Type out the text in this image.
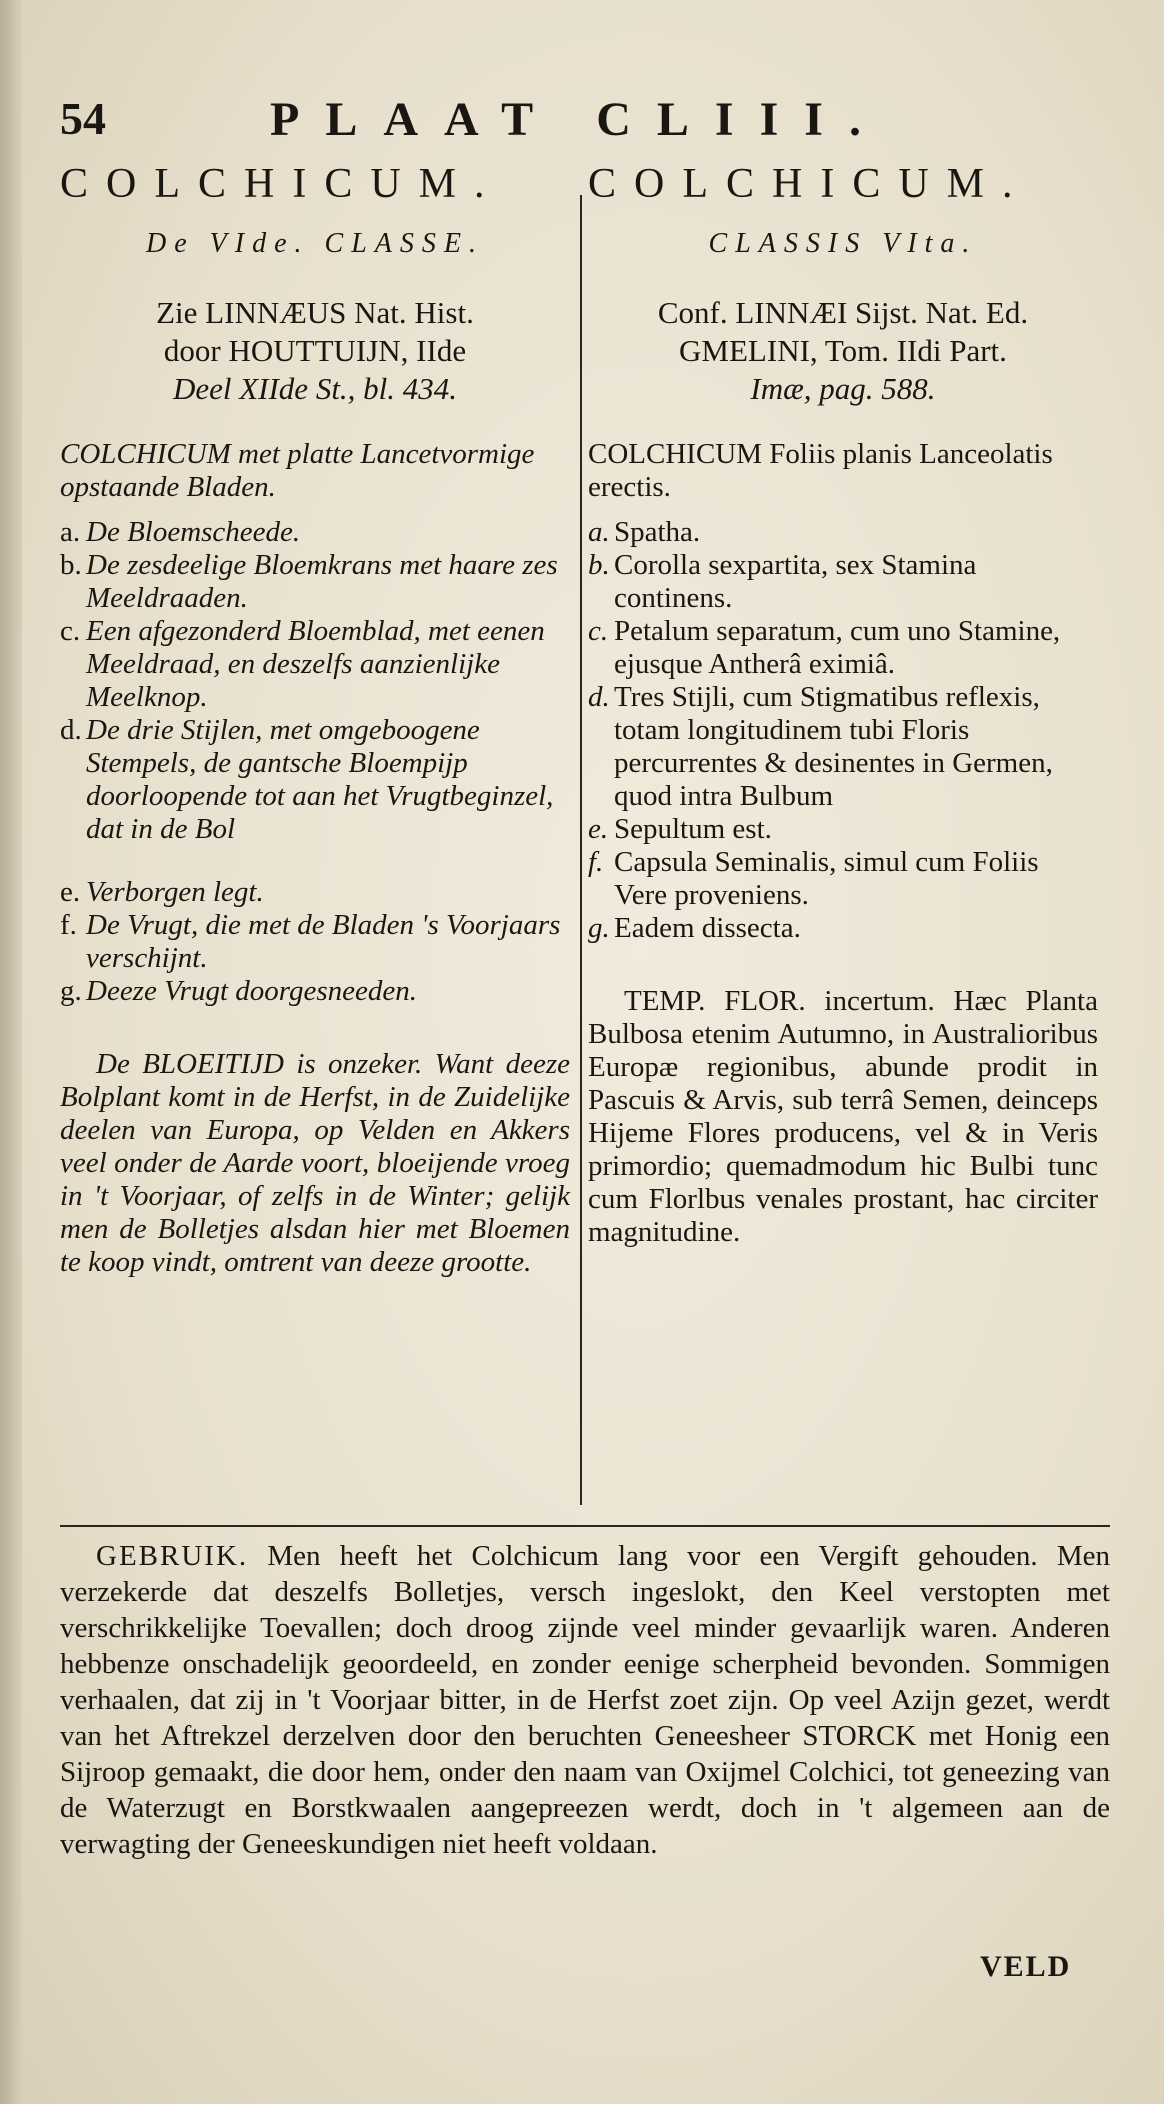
54	PLAAT CLIII.
COLCHICUM.
De VIde. CLASSE.
Zie LINNÆUS Nat. Hist.
door HOUTTUIJN, IIde
Deel XIIde St., bl. 434.
COLCHICUM met platte Lancetvormige opstaande Bladen.
a. De Bloemscheede.
b. De zesdeelige Bloemkrans met haare zes Meeldraaden.
c. Een afgezonderd Bloemblad, met eenen Meeldraad, en deszelfs aanzienlijke Meelknop.
d. De drie Stijlen, met omgeboogene Stempels, de gantsche Bloempijp doorloopende tot aan het Vrugtbeginzel, dat in de Bol
e. Verborgen legt.
f. De Vrugt, die met de Bladen 's Voorjaars verschijnt.
g. Deeze Vrugt doorgesneeden.
De BLOEITIJD is onzeker. Want deeze Bolplant komt in de Herfst, in de Zuidelijke deelen van Europa, op Velden en Akkers veel onder de Aarde voort, bloeijende vroeg in 't Voorjaar, of zelfs in de Winter; gelijk men de Bolletjes alsdan hier met Bloemen te koop vindt, omtrent van deeze grootte.
COLCHICUM.
CLASSIS VIta.
Conf. LINNÆI Sijst. Nat. Ed.
GMELINI, Tom. IIdi Part.
Imæ, pag. 588.
COLCHICUM Foliis planis Lanceolatis erectis.
a. Spatha.
b. Corolla sexpartita, sex Stamina continens.
c. Petalum separatum, cum uno Stamine, ejusque Antherâ eximiâ.
d. Tres Stijli, cum Stigmatibus reflexis, totam longitudinem tubi Floris percurrentes & desinentes in Germen, quod intra Bulbum
e. Sepultum est.
f. Capsula Seminalis, simul cum Foliis Vere proveniens.
g. Eadem dissecta.
TEMP. FLOR. incertum. Hæc Planta Bulbosa etenim Autumno, in Australioribus Europæ regionibus, abunde prodit in Pascuis & Arvis, sub terrâ Semen, deinceps Hijeme Flores producens, vel & in Veris primordio; quemadmodum hic Bulbi tunc cum Florlbus venales prostant, hac circiter magnitudine.
GEBRUIK. Men heeft het Colchicum lang voor een Vergift gehouden. Men verzekerde dat deszelfs Bolletjes, versch ingeslokt, den Keel verstopten met verschrikkelijke Toevallen; doch droog zijnde veel minder gevaarlijk waren. Anderen hebbenze onschadelijk geoordeeld, en zonder eenige scherpheid bevonden. Sommigen verhaalen, dat zij in 't Voorjaar bitter, in de Herfst zoet zijn. Op veel Azijn gezet, werdt van het Aftrekzel derzelven door den beruchten Geneesheer STORCK met Honig een Sijroop gemaakt, die door hem, onder den naam van Oxijmel Colchici, tot geneezing van de Waterzugt en Borstkwaalen aangepreezen werdt, doch in 't algemeen aan de verwagting der Geneeskundigen niet heeft voldaan.
VELD
